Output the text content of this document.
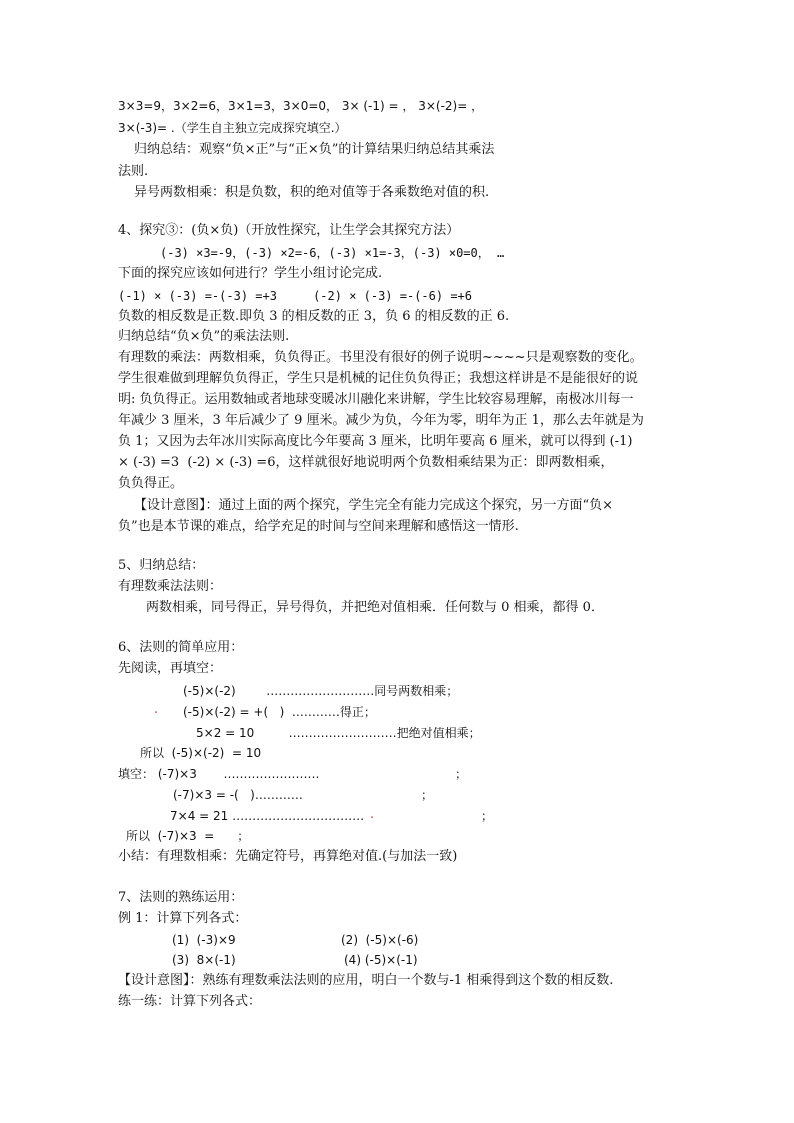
3×3=9，3×2=6，3×1=3，3×0=0， 3× (-1) = ， 3×(-2)= ，
3×(-3)= .（学生自主独立完成探究填空.）
归纳总结：观察“负×正”与“正×负”的计算结果归纳总结其乘法
法则.
异号两数相乘：积是负数，积的绝对值等于各乘数绝对值的积.
4、探究③：(负×负)（开放性探究，让生学会其探究方法）
(-3) ×3=-9，(-3) ×2=-6，(-3) ×1=-3，(-3) ×0=0， …
下面的探究应该如何进行？学生小组讨论完成.
(-1) × (-3) =-(-3) =+3     (-2) × (-3) =-(-6) =+6
负数的相反数是正数.即负 3 的相反数的正 3，负 6 的相反数的正 6.
归纳总结“负×负”的乘法法则.
有理数的乘法：两数相乘，负负得正。书里没有很好的例子说明~~~~只是观察数的变化。
学生很难做到理解负负得正，学生只是机械的记住负负得正；我想这样讲是不是能很好的说
明: 负负得正。运用数轴或者地球变暖冰川融化来讲解，学生比较容易理解，南极冰川每一
年减少 3 厘米，3 年后减少了 9 厘米。减少为负，今年为零，明年为正 1，那么去年就是为
负 1；又因为去年冰川实际高度比今年要高 3 厘米，比明年要高 6 厘米，就可以得到 (-1)
× (-3) =3  (-2) × (-3) =6，这样就很好地说明两个负数相乘结果为正：即两数相乘，
负负得正。
【设计意图】：通过上面的两个探究，学生完全有能力完成这个探究，另一方面“负×
负”也是本节课的难点，给学充足的时间与空间来理解和感悟这一情形.
5、归纳总结：
有理数乘法法则：
两数相乘，同号得正，异号得负，并把绝对值相乘．任何数与 0 相乘，都得 0．
6、法则的简单应用：
先阅读，再填空：
(-5)×(-2)        ………………………同号两数相乘；
. (-5)×(-2) = +(   )  …………得正；
5×2 = 10         ………………………把绝对值相乘；
所以  (-5)×(-2)  = 10
填空： (-7)×3       ……………………	；
(-7)×3 = -(   )…………	；
7×4 = 21 …………………………… .	；
所以  (-7)×3  =      ；
小结：有理数相乘：先确定符号，再算绝对值.(与加法一致)
7、法则的熟练运用：
例 1：计算下列各式：
(1)  (-3)×9	(2)  (-5)×(-6)
(3)  8×(-1)	(4) (-5)×(-1)
【设计意图】：熟练有理数乘法法则的应用，明白一个数与-1 相乘得到这个数的相反数.
练一练：计算下列各式：
